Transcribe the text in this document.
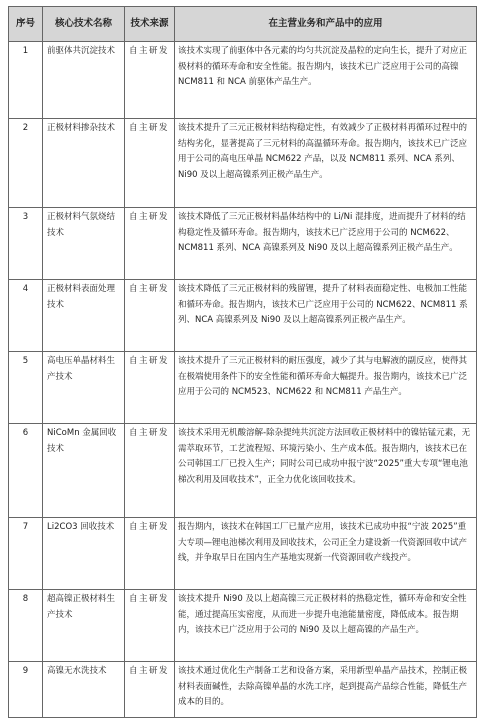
序号	核心技术名称	技术来源	在主营业务和产品中的应用
1	前驱体共沉淀技术	自主研发	该技术实现了前驱体中各元素的均匀共沉淀及晶粒的定向生长，提升了对应正极材料的循环寿命和安全性能。报告期内，该技术已广泛应用于公司的高镍 NCM811 和 NCA 前驱体产品生产。
2	正极材料掺杂技术	自主研发	该技术提升了三元正极材料结构稳定性，有效减少了正极材料再循环过程中的结构劣化，显著提高了三元材料的高温循环寿命。报告期内，该技术已广泛应用于公司的高电压单晶 NCM622 产品，以及 NCM811 系列、NCA 系列、Ni90 及以上超高镍系列正极产品生产。
3	正极材料气氛烧结技术	自主研发	该技术降低了三元正极材料晶体结构中的 Li/Ni 混排度，进而提升了材料的结构稳定性及循环寿命。报告期内，该技术已广泛应用于公司的 NCM622、NCM811 系列、NCA 高镍系列及 Ni90 及以上超高镍系列正极产品生产。
4	正极材料表面处理技术	自主研发	该技术降低了三元正极材料的残留锂，提升了材料表面稳定性、电极加工性能和循环寿命。报告期内，该技术已广泛应用于公司的 NCM622、NCM811 系列、NCA 高镍系列及 Ni90 及以上超高镍系列正极产品生产。
5	高电压单晶材料生产技术	自主研发	该技术提升了三元正极材料的耐压强度，减少了其与电解液的副反应，使得其在极端使用条件下的安全性能和循环寿命大幅提升。报告期内，该技术已广泛应用于公司的 NCM523、NCM622 和 NCM811 产品生产。
6	NiCoMn 金属回收技术	自主研发	该技术采用无机酸溶解-除杂提纯共沉淀方法回收正极材料中的镍钴锰元素，无需萃取环节，工艺流程短、环境污染小、生产成本低。报告期内，该技术已在公司韩国工厂已投入生产；同时公司已成功申报宁波“2025”重大专项“锂电池梯次利用及回收技术”，正全力优化该回收技术。
7	Li2CO3 回收技术	自主研发	报告期内，该技术在韩国工厂已量产应用，该技术已成功申报“宁波 2025”重大专项—锂电池梯次利用及回收技术，公司正全力建设新一代资源回收中试产线，并争取早日在国内生产基地实现新一代资源回收产线投产。
8	超高镍正极材料生产技术	自主研发	该技术提升 Ni90 及以上超高镍三元正极材料的热稳定性，循环寿命和安全性能，通过提高压实密度，从而进一步提升电池能量密度，降低成本。报告期内，该技术已广泛应用于公司的 Ni90 及以上超高镍的产品生产。
9	高镍无水洗技术	自主研发	该技术通过优化生产制备工艺和设备方案，采用新型单晶产品技术，控制正极材料表面碱性，去除高镍单晶的水洗工序，起到提高产品综合性能，降低生产成本的目的。
